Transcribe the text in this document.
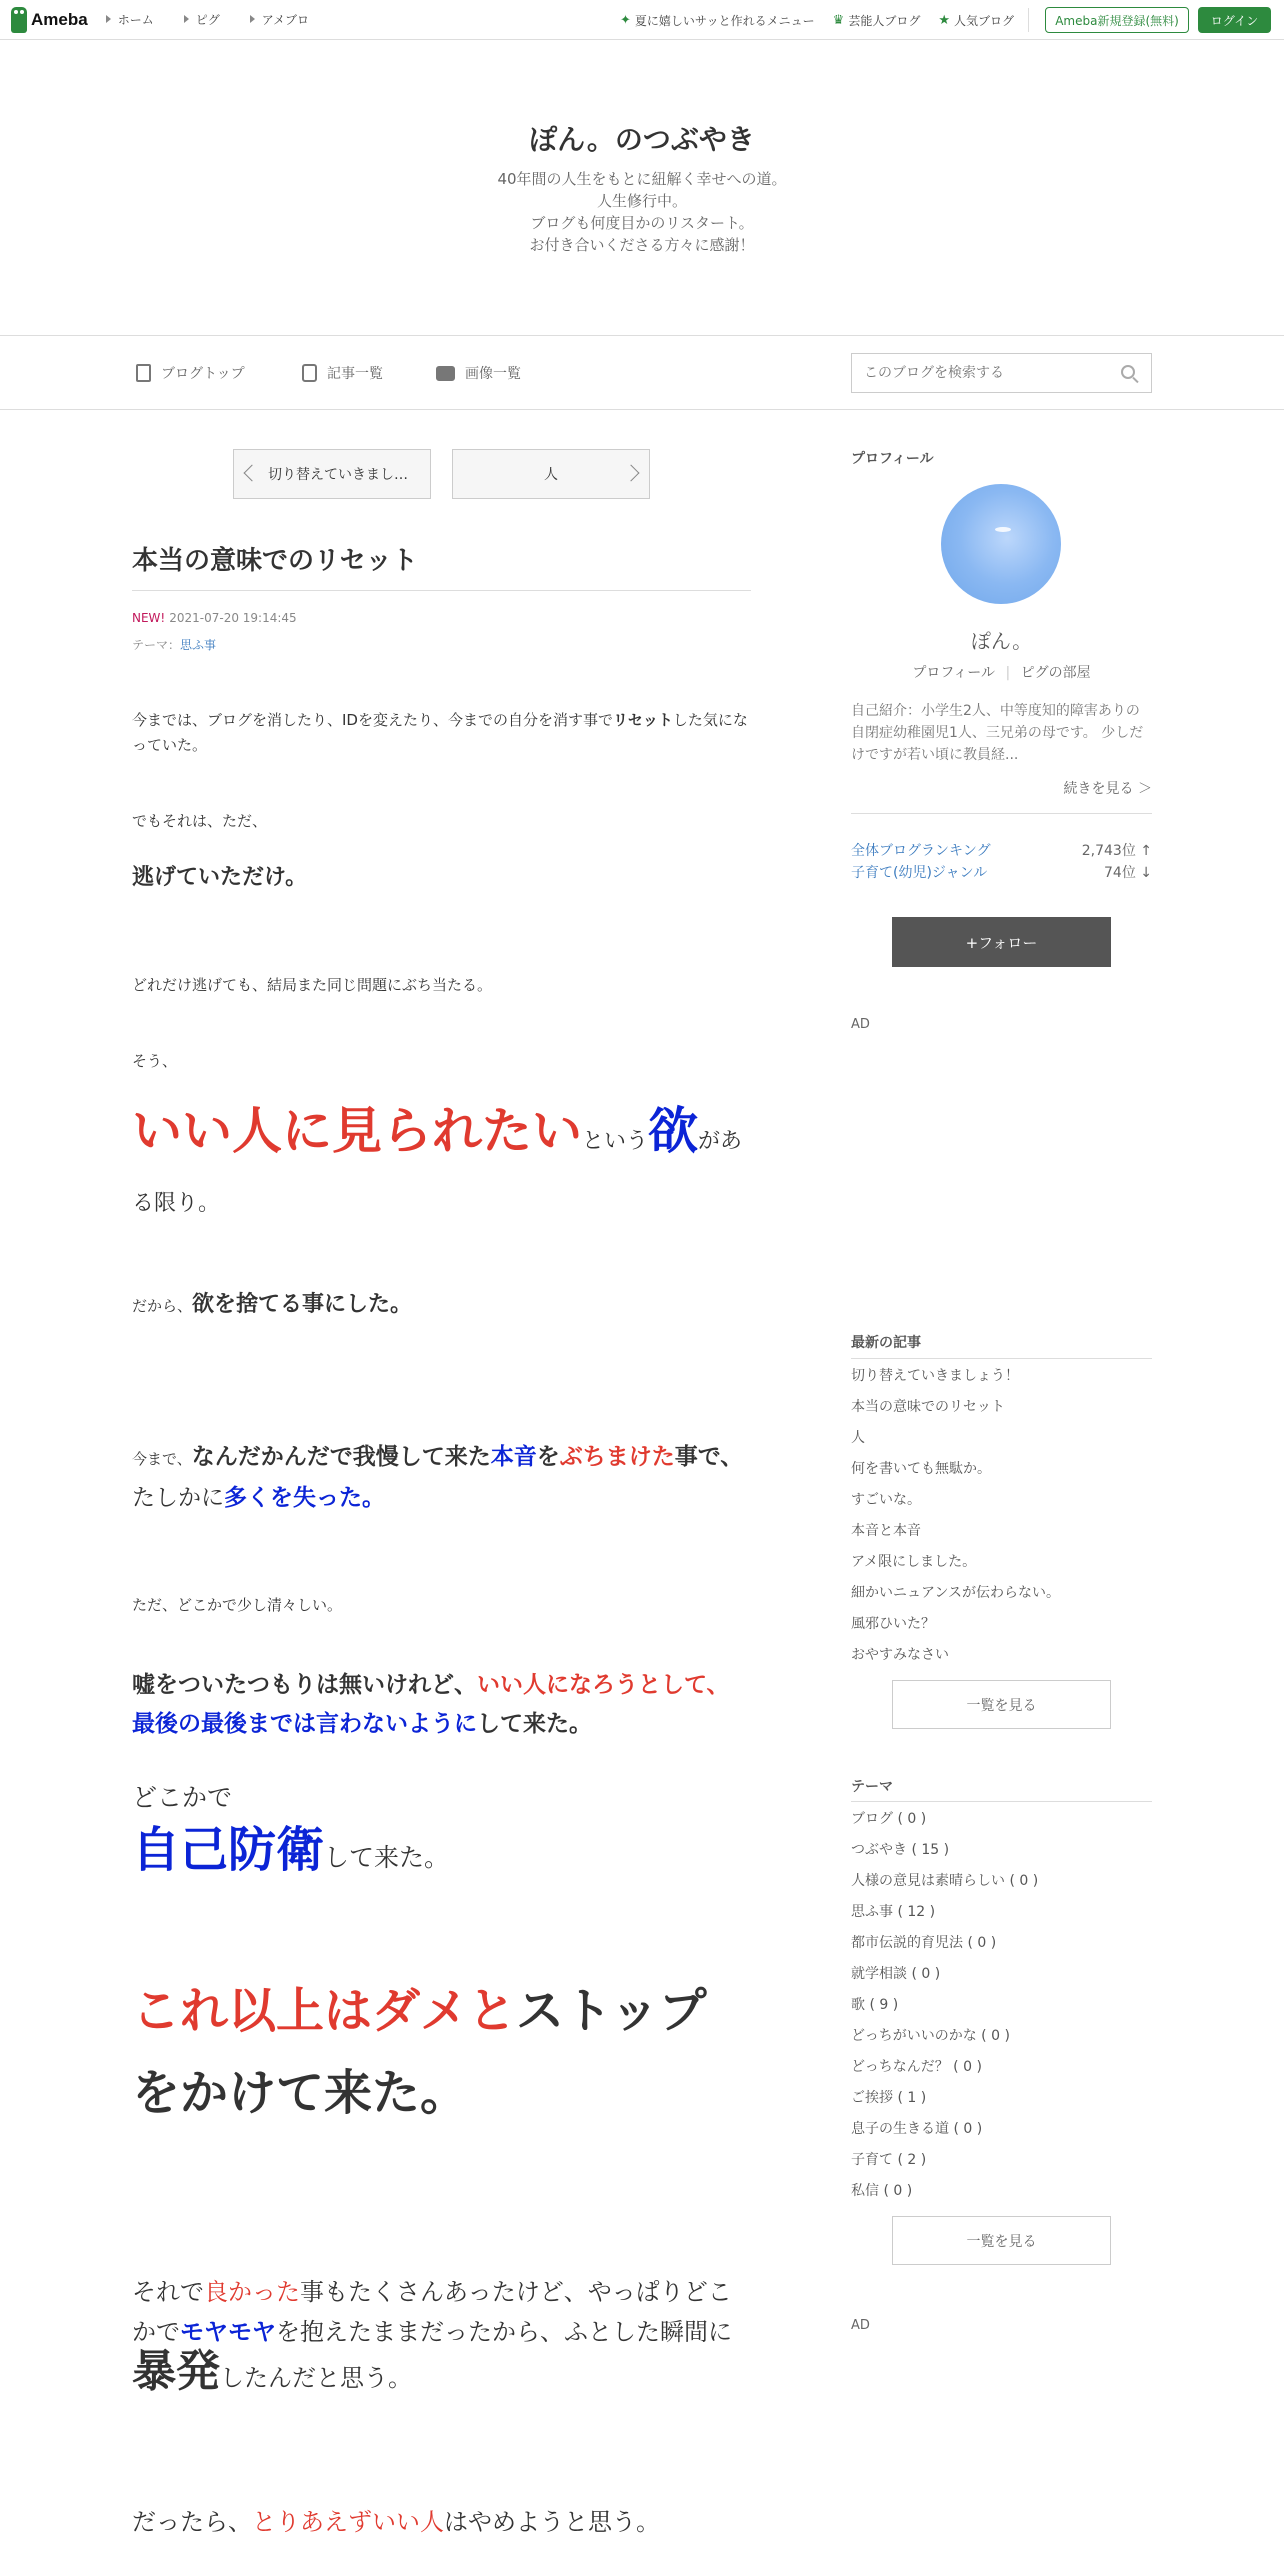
Ameba	ホーム	ピグ	アメブロ	✦ 夏に嬉しいサッと作れるメニュー ♛ 芸能人ブログ ★ 人気ブログ	Ameba新規登録(無料)	ログイン
ぽん。のつぶやき
40年間の人生をもとに紐解く幸せへの道。
人生修行中。
ブログも何度目かのリスタート。
お付き合いくださる方々に感謝！
ブログトップ	記事一覧	画像一覧
このブログを検索する
切り替えていきまし…	人
本当の意味でのリセット
NEW! 2021-07-20 19:14:45
テーマ：思ふ事
今までは、ブログを消したり、IDを変えたり、今までの自分を消す事でリセットした気になっていた。
でもそれは、ただ、
逃げていただけ。
どれだけ逃げても、結局また同じ問題にぶち当たる。
そう、
いい人に見られたいという欲がある限り。
だから、欲を捨てる事にした。
今まで、なんだかんだで我慢して来た本音をぶちまけた事で、たしかに多くを失った。
ただ、どこかで少し清々しい。
嘘をついたつもりは無いけれど、いい人になろうとして、最後の最後までは言わないようにして来た。
どこかで
自己防衛して来た。
これ以上はダメとストップをかけて来た。
それで良かった事もたくさんあったけど、やっぱりどこかでモヤモヤを抱えたままだったから、ふとした瞬間に暴発したんだと思う。
だったら、とりあえずいい人はやめようと思う。
プロフィール
ぽん。
プロフィール | ピグの部屋
自己紹介：小学生2人、中等度知的障害ありの自閉症幼稚園児1人、三兄弟の母です。 少しだけですが若い頃に教員経...
続きを見る ＞
全体ブログランキング	2,743位 ↑
子育て(幼児)ジャンル	74位 ↓
+フォロー
AD
最新の記事
切り替えていきましょう！
本当の意味でのリセット
人
何を書いても無駄か。
すごいな。
本音と本音
アメ限にしました。
細かいニュアンスが伝わらない。
風邪ひいた？
おやすみなさい
一覧を見る
テーマ
ブログ ( 0 )
つぶやき ( 15 )
人様の意見は素晴らしい ( 0 )
思ふ事 ( 12 )
都市伝説的育児法 ( 0 )
就学相談 ( 0 )
歌 ( 9 )
どっちがいいのかな ( 0 )
どっちなんだ？ ( 0 )
ご挨拶 ( 1 )
息子の生きる道 ( 0 )
子育て ( 2 )
私信 ( 0 )
一覧を見る
AD
